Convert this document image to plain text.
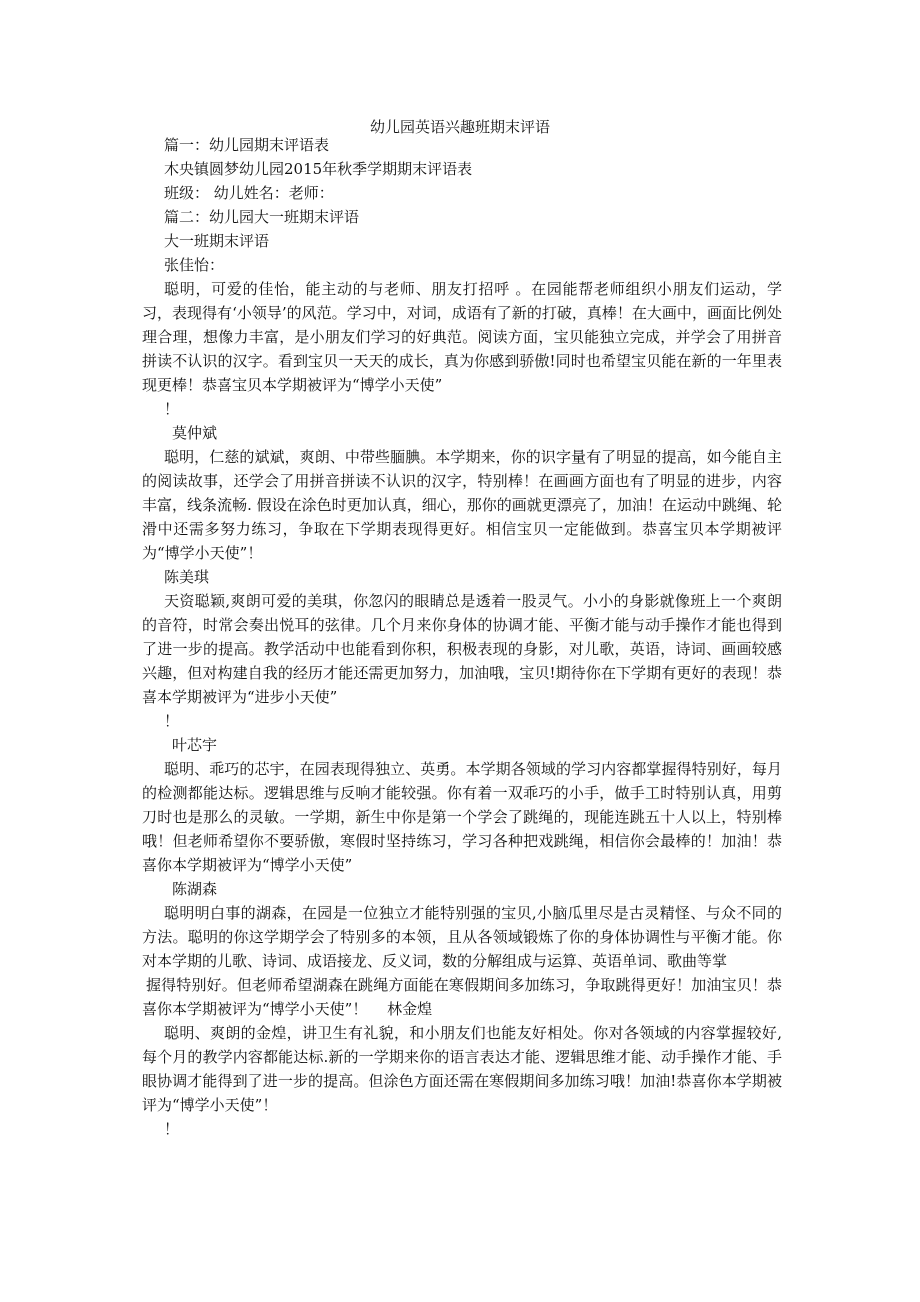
幼儿园英语兴趣班期末评语
篇一：幼儿园期末评语表
木央镇圆梦幼儿园2015年秋季学期期末评语表
班级： 幼儿姓名：老师：
篇二：幼儿园大一班期末评语
大一班期末评语
张佳怡：
聪明，可爱的佳怡，能主动的与老师、朋友打招呼 。在园能帮老师组织小朋友们运动，学习，表现得有‘小领导’的风范。学习中，对词，成语有了新的打破，真棒！在大画中，画面比例处理合理，想像力丰富，是小朋友们学习的好典范。阅读方面，宝贝能独立完成，并学会了用拼音拼读不认识的汉字。看到宝贝一天天的成长，真为你感到骄傲!同时也希望宝贝能在新的一年里表现更棒！恭喜宝贝本学期被评为“博学小天使”
！
莫仲斌
聪明，仁慈的斌斌，爽朗、中带些腼腆。本学期来，你的识字量有了明显的提高，如今能自主的阅读故事，还学会了用拼音拼读不认识的汉字，特别棒！在画画方面也有了明显的进步，内容丰富，线条流畅. 假设在涂色时更加认真，细心，那你的画就更漂亮了，加油！在运动中跳绳、轮滑中还需多努力练习，争取在下学期表现得更好。相信宝贝一定能做到。恭喜宝贝本学期被评为“博学小天使”！
陈美琪
天资聪颖,爽朗可爱的美琪，你忽闪的眼睛总是透着一股灵气。小小的身影就像班上一个爽朗的音符，时常会奏出悦耳的弦律。几个月来你身体的协调才能、平衡才能与动手操作才能也得到了进一步的提高。教学活动中也能看到你积，积极表现的身影，对儿歌，英语，诗词、画画较感兴趣，但对构建自我的经历才能还需更加努力，加油哦，宝贝!期待你在下学期有更好的表现！恭喜本学期被评为“进步小天使”
！
叶芯宇
聪明、乖巧的芯宇，在园表现得独立、英勇。本学期各领域的学习内容都掌握得特别好，每月的检测都能达标。逻辑思维与反响才能较强。你有着一双乖巧的小手，做手工时特别认真，用剪刀时也是那么的灵敏。一学期，新生中你是第一个学会了跳绳的，现能连跳五十人以上，特别棒哦！但老师希望你不要骄傲，寒假时坚持练习，学习各种把戏跳绳，相信你会最棒的！加油！恭喜你本学期被评为“博学小天使”
陈湖森
聪明明白事的湖森，在园是一位独立才能特别强的宝贝,小脑瓜里尽是古灵精怪、与众不同的方法。聪明的你这学期学会了特别多的本领，且从各领域锻炼了你的身体协调性与平衡才能。你对本学期的儿歌、诗词、成语接龙、反义词，数的分解组成与运算、英语单词、歌曲等掌
握得特别好。但老师希望湖森在跳绳方面能在寒假期间多加练习，争取跳得更好！加油宝贝！恭喜你本学期被评为“博学小天使”！　 林金煌
聪明、爽朗的金煌，讲卫生有礼貌，和小朋友们也能友好相处。你对各领域的内容掌握较好,每个月的教学内容都能达标.新的一学期来你的语言表达才能、逻辑思维才能、动手操作才能、手眼协调才能得到了进一步的提高。但涂色方面还需在寒假期间多加练习哦！加油!恭喜你本学期被评为“博学小天使”！
！
